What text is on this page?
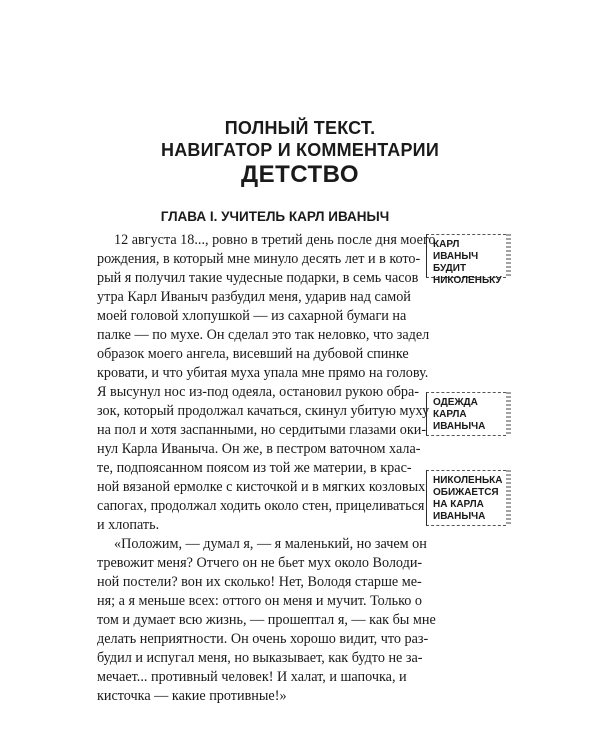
ПОЛНЫЙ ТЕКСТ.
НАВИГАТОР И КОММЕНТАРИИ
ДЕТСТВО
ГЛАВА I. УЧИТЕЛЬ КАРЛ ИВАНЫЧ
12 августа 18..., ровно в третий день после дня моего
рождения, в который мне минуло десять лет и в кото-
рый я получил такие чудесные подарки, в семь часов
утра Карл Иваныч разбудил меня, ударив над самой
моей головой хлопушкой — из сахарной бумаги на
палке — по мухе. Он сделал это так неловко, что задел
образок моего ангела, висевший на дубовой спинке
кровати, и что убитая муха упала мне прямо на голову.
Я высунул нос из-под одеяла, остановил рукою обра-
зок, который продолжал качаться, скинул убитую муху
на пол и хотя заспанными, но сердитыми глазами оки-
нул Карла Иваныча. Он же, в пестром ваточном хала-
те, подпоясанном поясом из той же материи, в крас-
ной вязаной ермолке с кисточкой и в мягких козловых
сапогах, продолжал ходить около стен, прицеливаться
и хлопать.
«Положим, — думал я, — я маленький, но зачем он
тревожит меня? Отчего он не бьет мух около Володи-
ной постели? вон их сколько! Нет, Володя старше ме-
ня; а я меньше всех: оттого он меня и мучит. Только о
том и думает всю жизнь, — прошептал я, — как бы мне
делать неприятности. Он очень хорошо видит, что раз-
будил и испугал меня, но выказывает, как будто не за-
мечает... противный человек! И халат, и шапочка, и
кисточка — какие противные!»
КАРЛ ИВАНЫЧ БУДИТ НИКОЛЕНЬКУ
ОДЕЖДА КАРЛА ИВАНЫЧА
НИКОЛЕНЬКА ОБИЖАЕТСЯ НА КАРЛА ИВАНЫЧА
